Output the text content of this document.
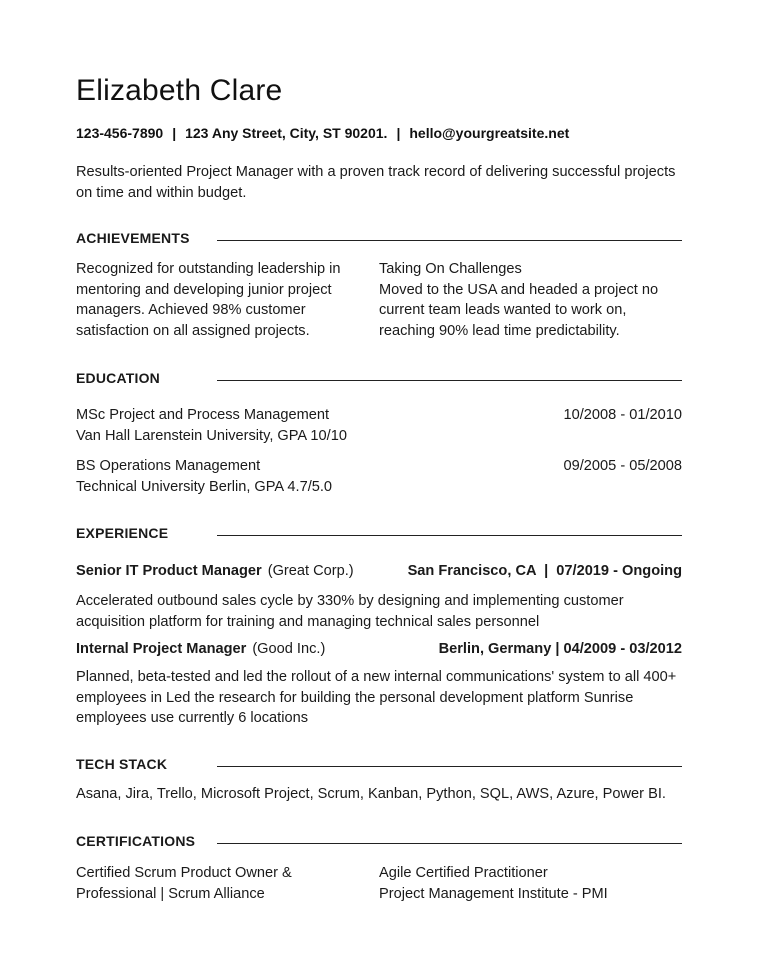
Elizabeth Clare
123-456-7890 | 123 Any Street, City, ST 90201. | hello@yourgreatsite.net
Results-oriented Project Manager with a proven track record of delivering successful projects on time and within budget.
ACHIEVEMENTS
Recognized for outstanding leadership in mentoring and developing junior project managers. Achieved 98% customer satisfaction on all assigned projects.
Taking On Challenges
Moved to the USA and headed a project no current team leads wanted to work on, reaching 90% lead time predictability.
EDUCATION
MSc Project and Process Management
Van Hall Larenstein University, GPA 10/10
10/2008 - 01/2010
BS Operations Management
Technical University Berlin, GPA 4.7/5.0
09/2005 - 05/2008
EXPERIENCE
Senior IT Product Manager (Great Corp.)	San Francisco, CA  |  07/2019 - Ongoing
Accelerated outbound sales cycle by 330% by designing and implementing customer acquisition platform for training and managing technical sales personnel
Internal Project Manager (Good Inc.)	Berlin, Germany | 04/2009 - 03/2012
Planned, beta-tested and led the rollout of a new internal communications' system to all 400+ employees in Led the research for building the personal development platform Sunrise employees use currently 6 locations
TECH STACK
Asana, Jira, Trello, Microsoft Project, Scrum, Kanban, Python, SQL, AWS, Azure, Power BI.
CERTIFICATIONS
Certified Scrum Product Owner & Professional | Scrum Alliance
Agile Certified Practitioner
Project Management Institute - PMI
